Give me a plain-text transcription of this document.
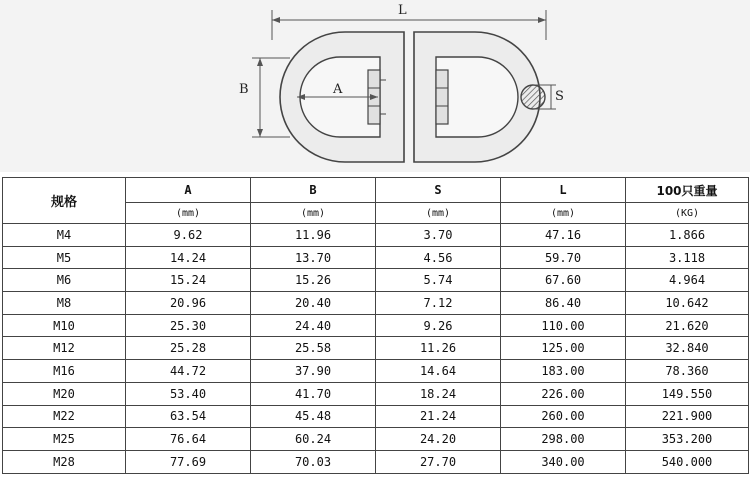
L
B	A	S
规格	A	B	S	L	100只重量
	(mm)	(mm)	(mm)	(mm)	(KG)
M4	9.62	11.96	3.70	47.16	1.866
M5	14.24	13.70	4.56	59.70	3.118
M6	15.24	15.26	5.74	67.60	4.964
M8	20.96	20.40	7.12	86.40	10.642
M10	25.30	24.40	9.26	110.00	21.620
M12	25.28	25.58	11.26	125.00	32.840
M16	44.72	37.90	14.64	183.00	78.360
M20	53.40	41.70	18.24	226.00	149.550
M22	63.54	45.48	21.24	260.00	221.900
M25	76.64	60.24	24.20	298.00	353.200
M28	77.69	70.03	27.70	340.00	540.000
